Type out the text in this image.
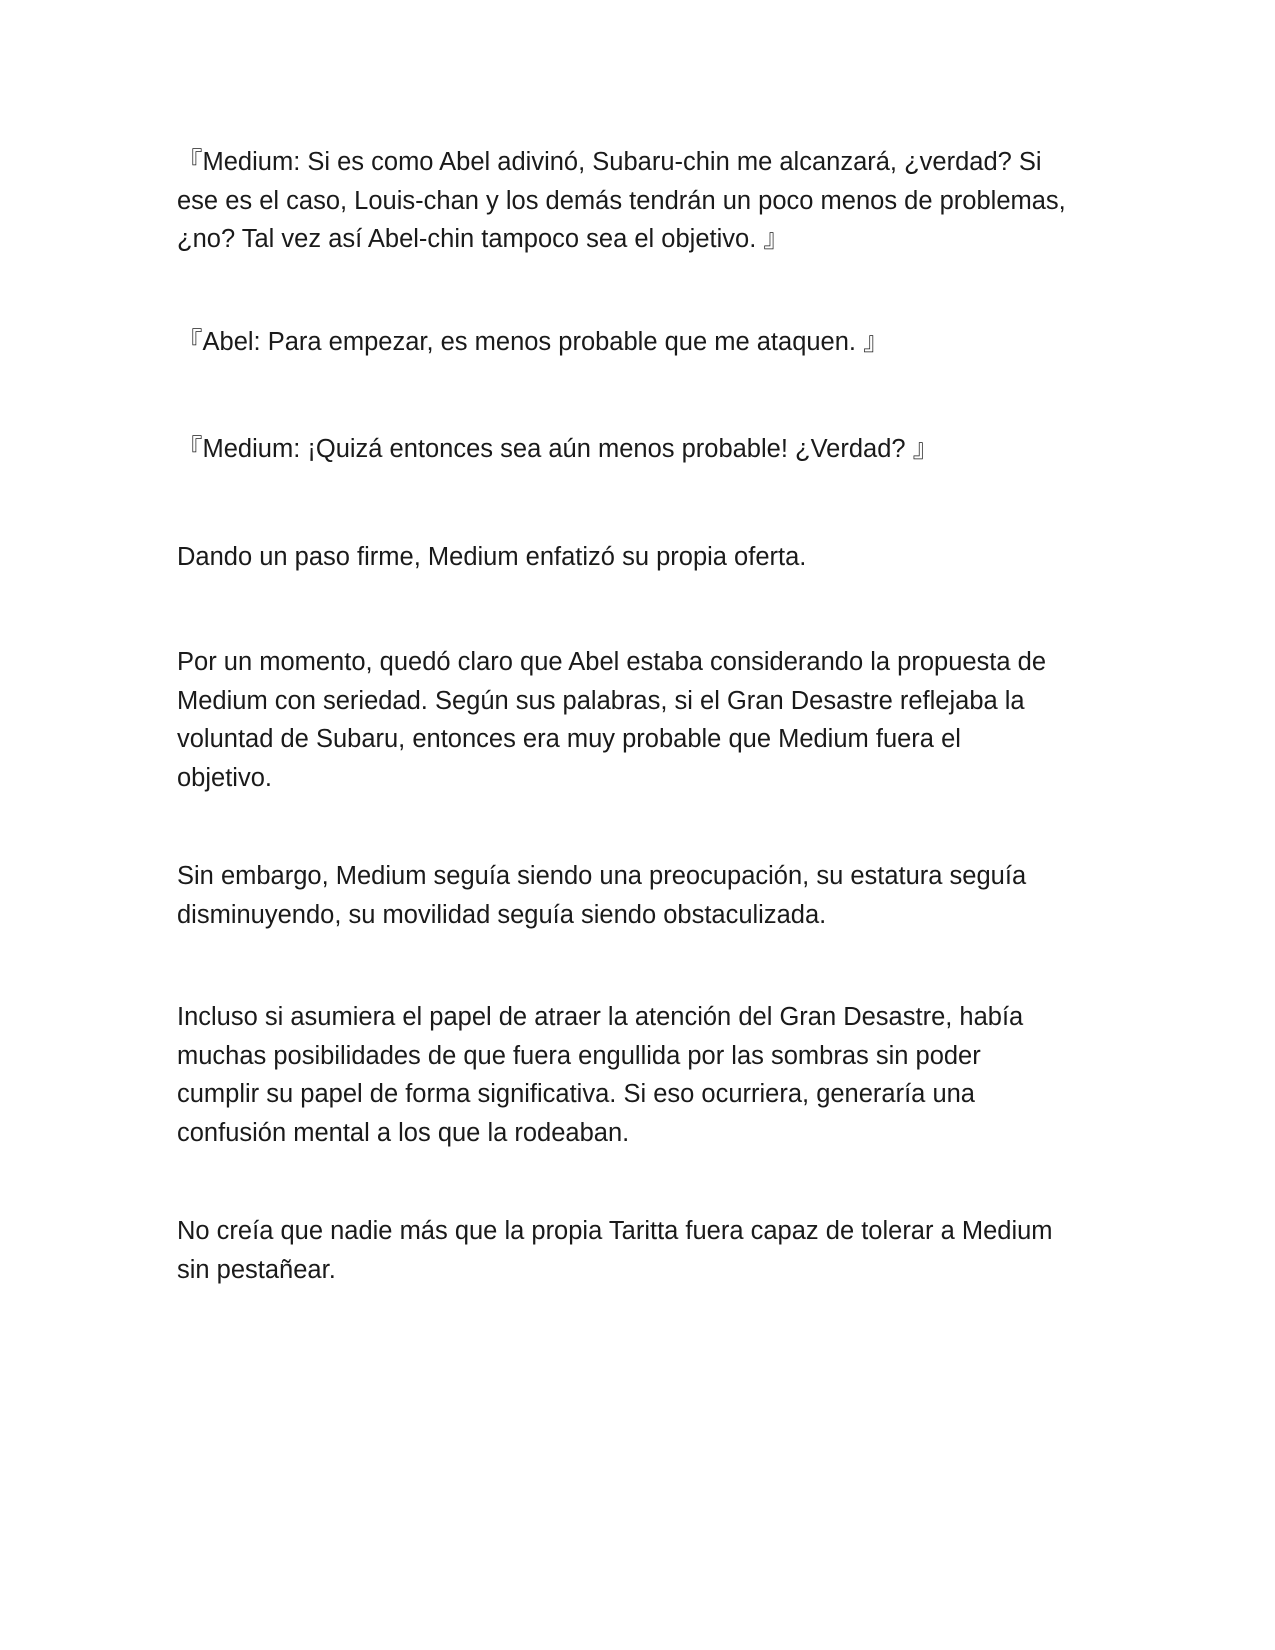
『Medium: Si es como Abel adivinó, Subaru-chin me alcanzará, ¿verdad? Si
ese es el caso, Louis-chan y los demás tendrán un poco menos de problemas,
¿no? Tal vez así Abel-chin tampoco sea el objetivo. 』
『Abel: Para empezar, es menos probable que me ataquen. 』
『Medium: ¡Quizá entonces sea aún menos probable! ¿Verdad? 』
Dando un paso firme, Medium enfatizó su propia oferta.
Por un momento, quedó claro que Abel estaba considerando la propuesta de
Medium con seriedad. Según sus palabras, si el Gran Desastre reflejaba la
voluntad de Subaru, entonces era muy probable que Medium fuera el
objetivo.
Sin embargo, Medium seguía siendo una preocupación, su estatura seguía
disminuyendo, su movilidad seguía siendo obstaculizada.
Incluso si asumiera el papel de atraer la atención del Gran Desastre, había
muchas posibilidades de que fuera engullida por las sombras sin poder
cumplir su papel de forma significativa. Si eso ocurriera, generaría una
confusión mental a los que la rodeaban.
No creía que nadie más que la propia Taritta fuera capaz de tolerar a Medium
sin pestañear.
